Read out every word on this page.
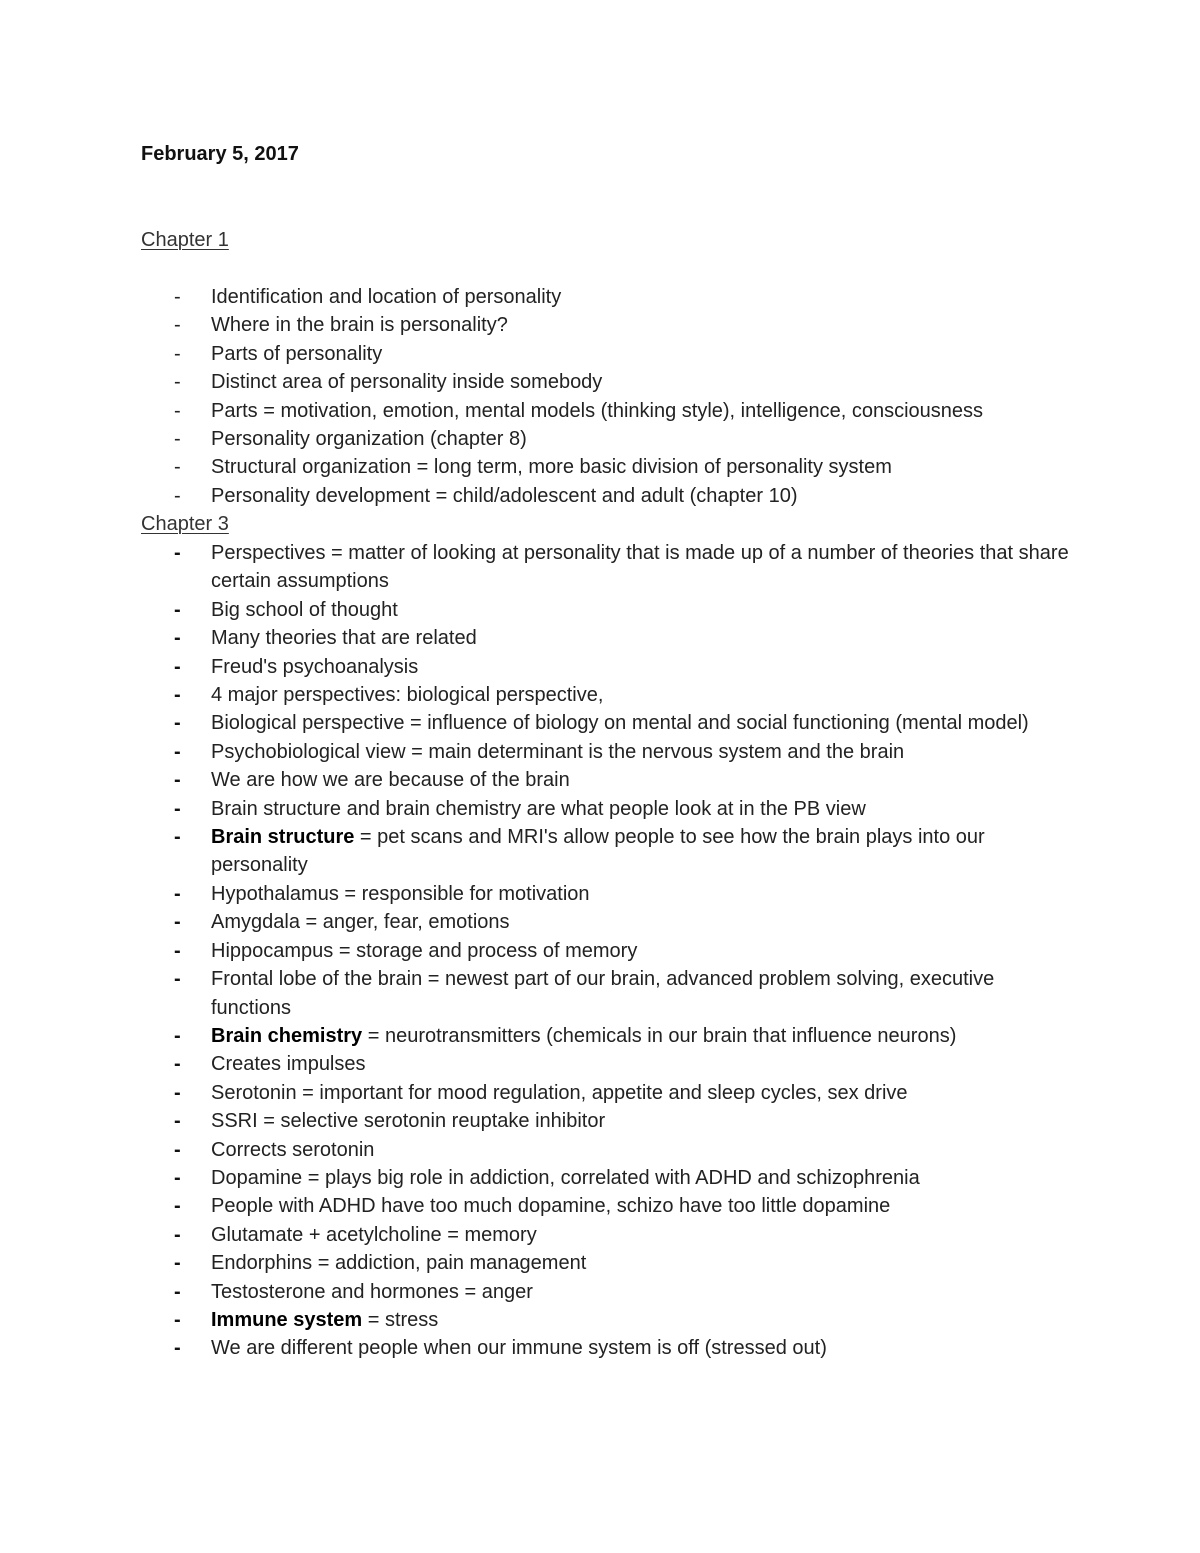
February 5, 2017
Chapter 1
-	Identification and location of personality
-	Where in the brain is personality?
-	Parts of personality
-	Distinct area of personality inside somebody
-	Parts = motivation, emotion, mental models (thinking style), intelligence, consciousness
-	Personality organization (chapter 8)
-	Structural organization = long term, more basic division of personality system
-	Personality development = child/adolescent and adult (chapter 10)
Chapter 3
-	Perspectives = matter of looking at personality that is made up of a number of theories that share certain assumptions
-	Big school of thought
-	Many theories that are related
-	Freud's psychoanalysis
-	4 major perspectives: biological perspective,
-	Biological perspective = influence of biology on mental and social functioning (mental model)
-	Psychobiological view = main determinant is the nervous system and the brain
-	We are how we are because of the brain
-	Brain structure and brain chemistry are what people look at in the PB view
-	Brain structure = pet scans and MRI's allow people to see how the brain plays into our personality
-	Hypothalamus = responsible for motivation
-	Amygdala = anger, fear, emotions
-	Hippocampus = storage and process of memory
-	Frontal lobe of the brain = newest part of our brain, advanced problem solving, executive functions
-	Brain chemistry = neurotransmitters (chemicals in our brain that influence neurons)
-	Creates impulses
-	Serotonin = important for mood regulation, appetite and sleep cycles, sex drive
-	SSRI = selective serotonin reuptake inhibitor
-	Corrects serotonin
-	Dopamine = plays big role in addiction, correlated with ADHD and schizophrenia
-	People with ADHD have too much dopamine, schizo have too little dopamine
-	Glutamate + acetylcholine = memory
-	Endorphins = addiction, pain management
-	Testosterone and hormones = anger
-	Immune system = stress
-	We are different people when our immune system is off (stressed out)
